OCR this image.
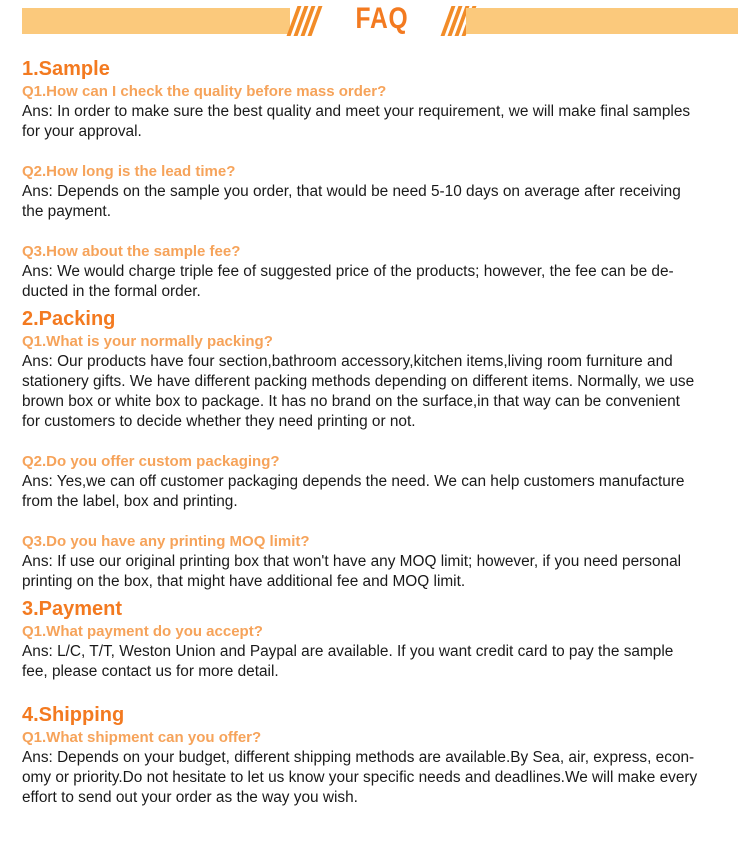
FAQ
1.Sample
Q1.How can I check the quality before mass order?
Ans: In order to make sure the best quality and meet your requirement, we will make final samples
for your approval.
Q2.How long is the lead time?
Ans: Depends on the sample you order, that would be need 5-10 days on average after receiving
the payment.
Q3.How about the sample fee?
Ans: We would charge triple fee of suggested price of the products; however, the fee can be de-
ducted in the formal order.
2.Packing
Q1.What is your normally packing?
Ans: Our products have four section,bathroom accessory,kitchen items,living room furniture and
stationery gifts. We have different packing methods depending on different items. Normally, we use
brown box or white box to package. It has no brand on the surface,in that way can be convenient
for customers to decide whether they need printing or not.
Q2.Do you offer custom packaging?
Ans: Yes,we can off customer packaging depends the need. We can help customers manufacture
from the label, box and printing.
Q3.Do you have any printing MOQ limit?
Ans: If use our original printing box that won't have any MOQ limit; however, if you need personal
printing on the box, that might have additional fee and MOQ limit.
3.Payment
Q1.What payment do you accept?
Ans: L/C, T/T, Weston Union and Paypal are available. If you want credit card to pay the sample
fee, please contact us for more detail.
4.Shipping
Q1.What shipment can you offer?
Ans: Depends on your budget, different shipping methods are available.By Sea, air, express, econ-
omy or priority.Do not hesitate to let us know your specific needs and deadlines.We will make every
effort to send out your order as the way you wish.
